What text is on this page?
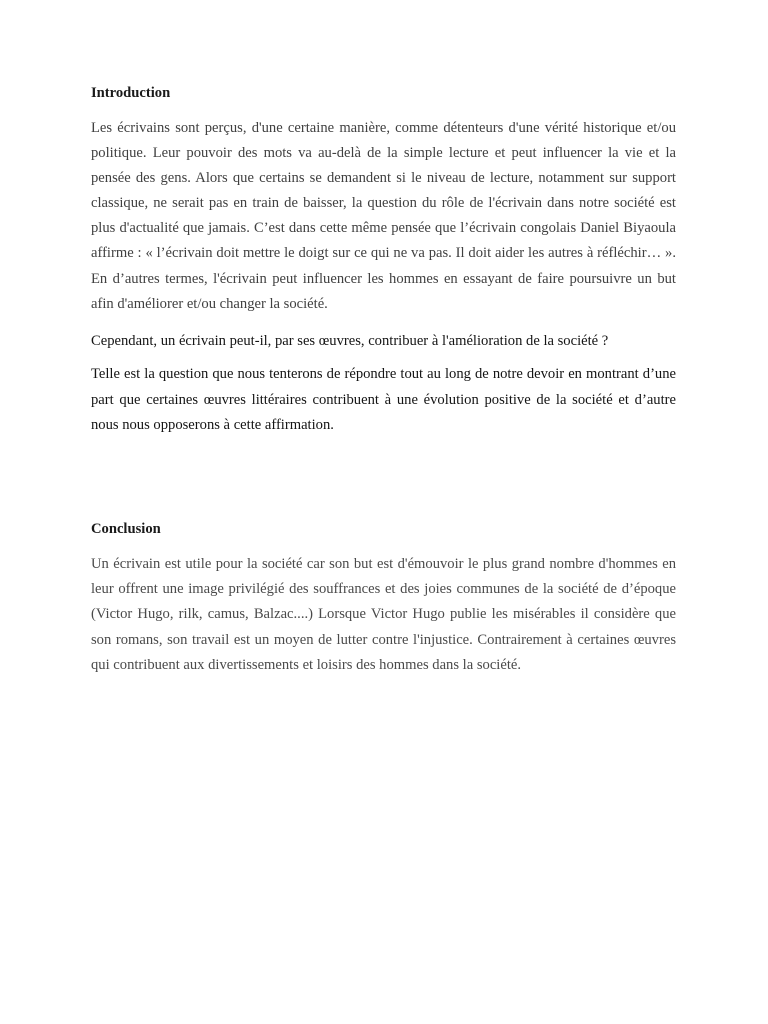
Introduction

Les écrivains sont perçus, d'une certaine manière, comme détenteurs d'une vérité historique et/ou politique. Leur pouvoir des mots va au-delà de la simple lecture et peut influencer la vie et la pensée des gens. Alors que certains se demandent si le niveau de lecture, notamment sur support classique, ne serait pas en train de baisser, la question du rôle de l'écrivain dans notre société est plus d'actualité que jamais. C’est dans cette même pensée que l’écrivain congolais Daniel Biyaoula affirme : « l’écrivain doit mettre le doigt sur ce qui ne va pas. Il doit aider les autres à réfléchir… ». En d’autres termes, l'écrivain peut influencer les hommes en essayant de faire poursuivre un but afin d'améliorer et/ou changer la société.

Cependant, un écrivain peut-il, par ses œuvres, contribuer à l'amélioration de la société ?

Telle est la question que nous tenterons de répondre tout au long de notre devoir en montrant d’une part que certaines œuvres littéraires contribuent à une évolution positive de la société et d’autre nous nous opposerons à cette affirmation.

Conclusion

Un écrivain est utile pour la société car son but est d'émouvoir le plus grand nombre d'hommes en leur offrent une image privilégié des souffrances et des joies communes de la société de d’époque (Victor Hugo, rilk, camus, Balzac....) Lorsque Victor Hugo publie les misérables il considère que son romans, son travail est un moyen de lutter contre l'injustice. Contrairement à certaines œuvres qui contribuent aux divertissements et loisirs des hommes dans la société.
